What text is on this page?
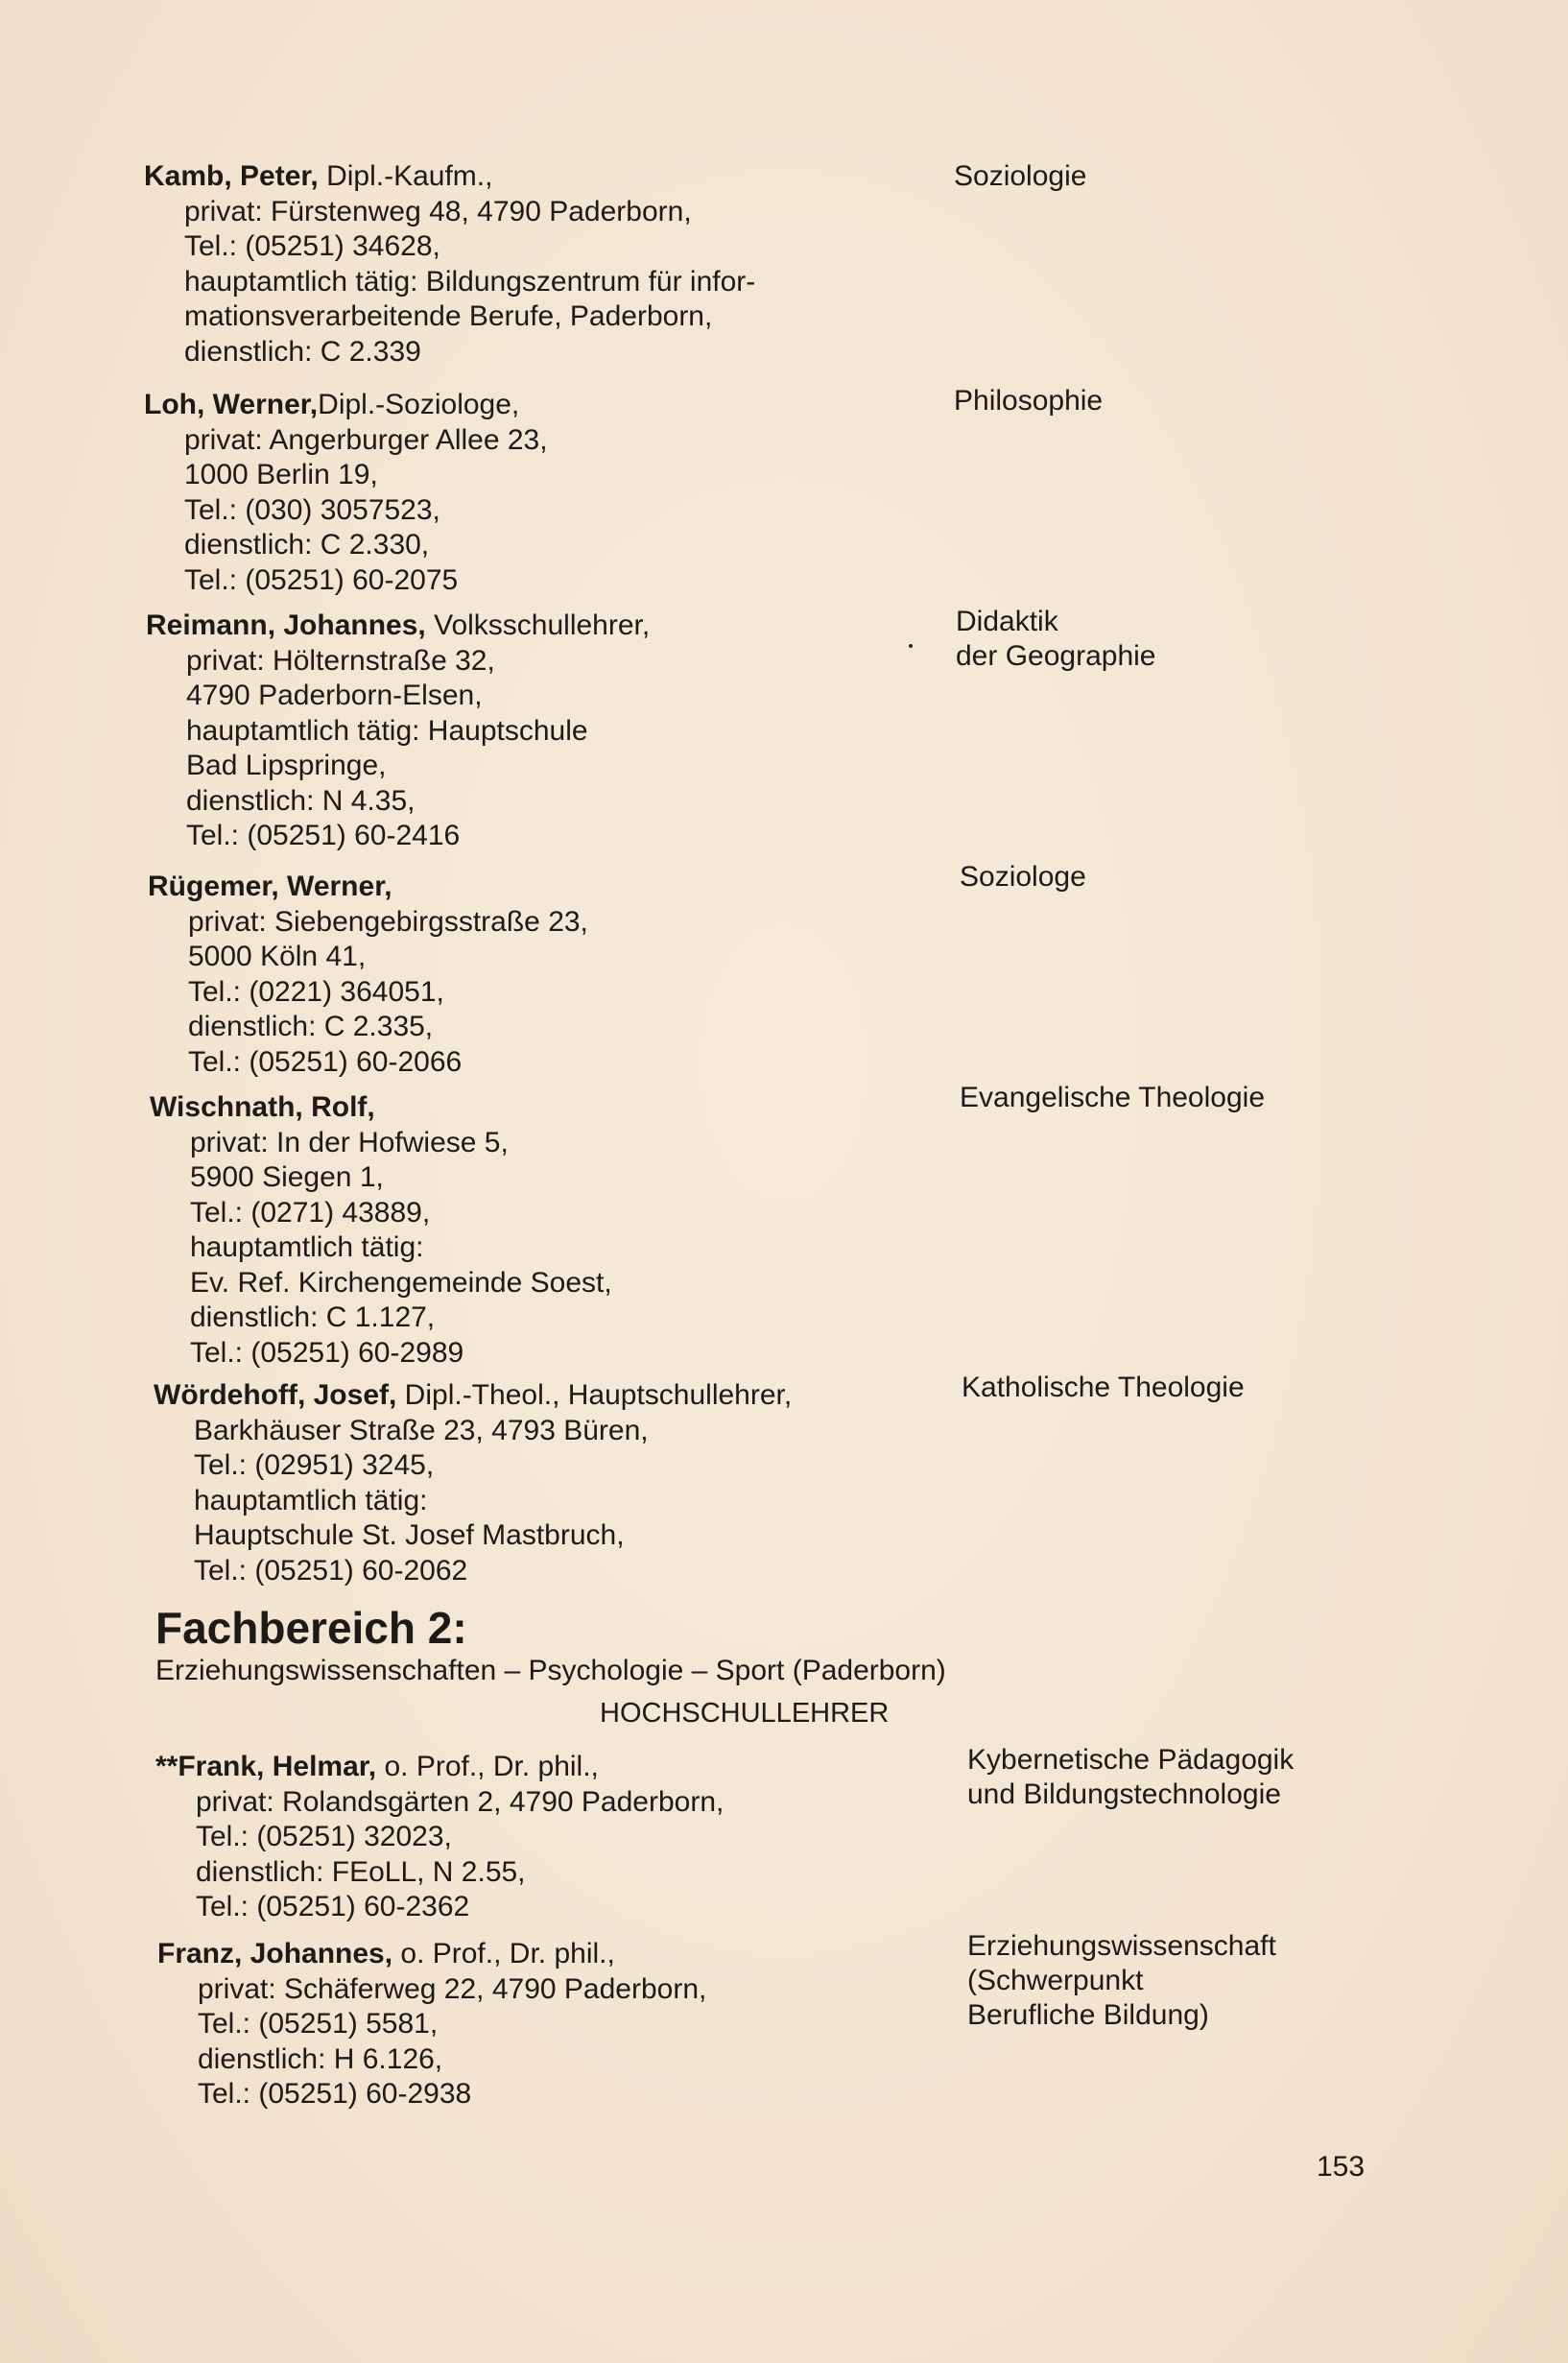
Kamb, Peter, Dipl.-Kaufm.,
privat: Fürstenweg 48, 4790 Paderborn,
Tel.: (05251) 34628,
hauptamtlich tätig: Bildungszentrum für infor-
mationsverarbeitende Berufe, Paderborn,
dienstlich: C 2.339
Soziologie
Loh, Werner,Dipl.-Soziologe,
privat: Angerburger Allee 23,
1000 Berlin 19,
Tel.: (030) 3057523,
dienstlich: C 2.330,
Tel.: (05251) 60-2075
Philosophie
Reimann, Johannes, Volksschullehrer,
privat: Hölternstraße 32,
4790 Paderborn-Elsen,
hauptamtlich tätig: Hauptschule
Bad Lipspringe,
dienstlich: N 4.35,
Tel.: (05251) 60-2416
Didaktik
der Geographie
Rügemer, Werner,
privat: Siebengebirgsstraße 23,
5000 Köln 41,
Tel.: (0221) 364051,
dienstlich: C 2.335,
Tel.: (05251) 60-2066
Soziologe
Wischnath, Rolf,
privat: In der Hofwiese 5,
5900 Siegen 1,
Tel.: (0271) 43889,
hauptamtlich tätig:
Ev. Ref. Kirchengemeinde Soest,
dienstlich: C 1.127,
Tel.: (05251) 60-2989
Evangelische Theologie
Wördehoff, Josef, Dipl.-Theol., Hauptschullehrer,
Barkhäuser Straße 23, 4793 Büren,
Tel.: (02951) 3245,
hauptamtlich tätig:
Hauptschule St. Josef Mastbruch,
Tel.: (05251) 60-2062
Katholische Theologie
Fachbereich 2:
Erziehungswissenschaften – Psychologie – Sport (Paderborn)
HOCHSCHULLEHRER
**Frank, Helmar, o. Prof., Dr. phil.,
privat: Rolandsgärten 2, 4790 Paderborn,
Tel.: (05251) 32023,
dienstlich: FEoLL, N 2.55,
Tel.: (05251) 60-2362
Kybernetische Pädagogik
und Bildungstechnologie
Franz, Johannes, o. Prof., Dr. phil.,
privat: Schäferweg 22, 4790 Paderborn,
Tel.: (05251) 5581,
dienstlich: H 6.126,
Tel.: (05251) 60-2938
Erziehungswissenschaft
(Schwerpunkt
Berufliche Bildung)
153
